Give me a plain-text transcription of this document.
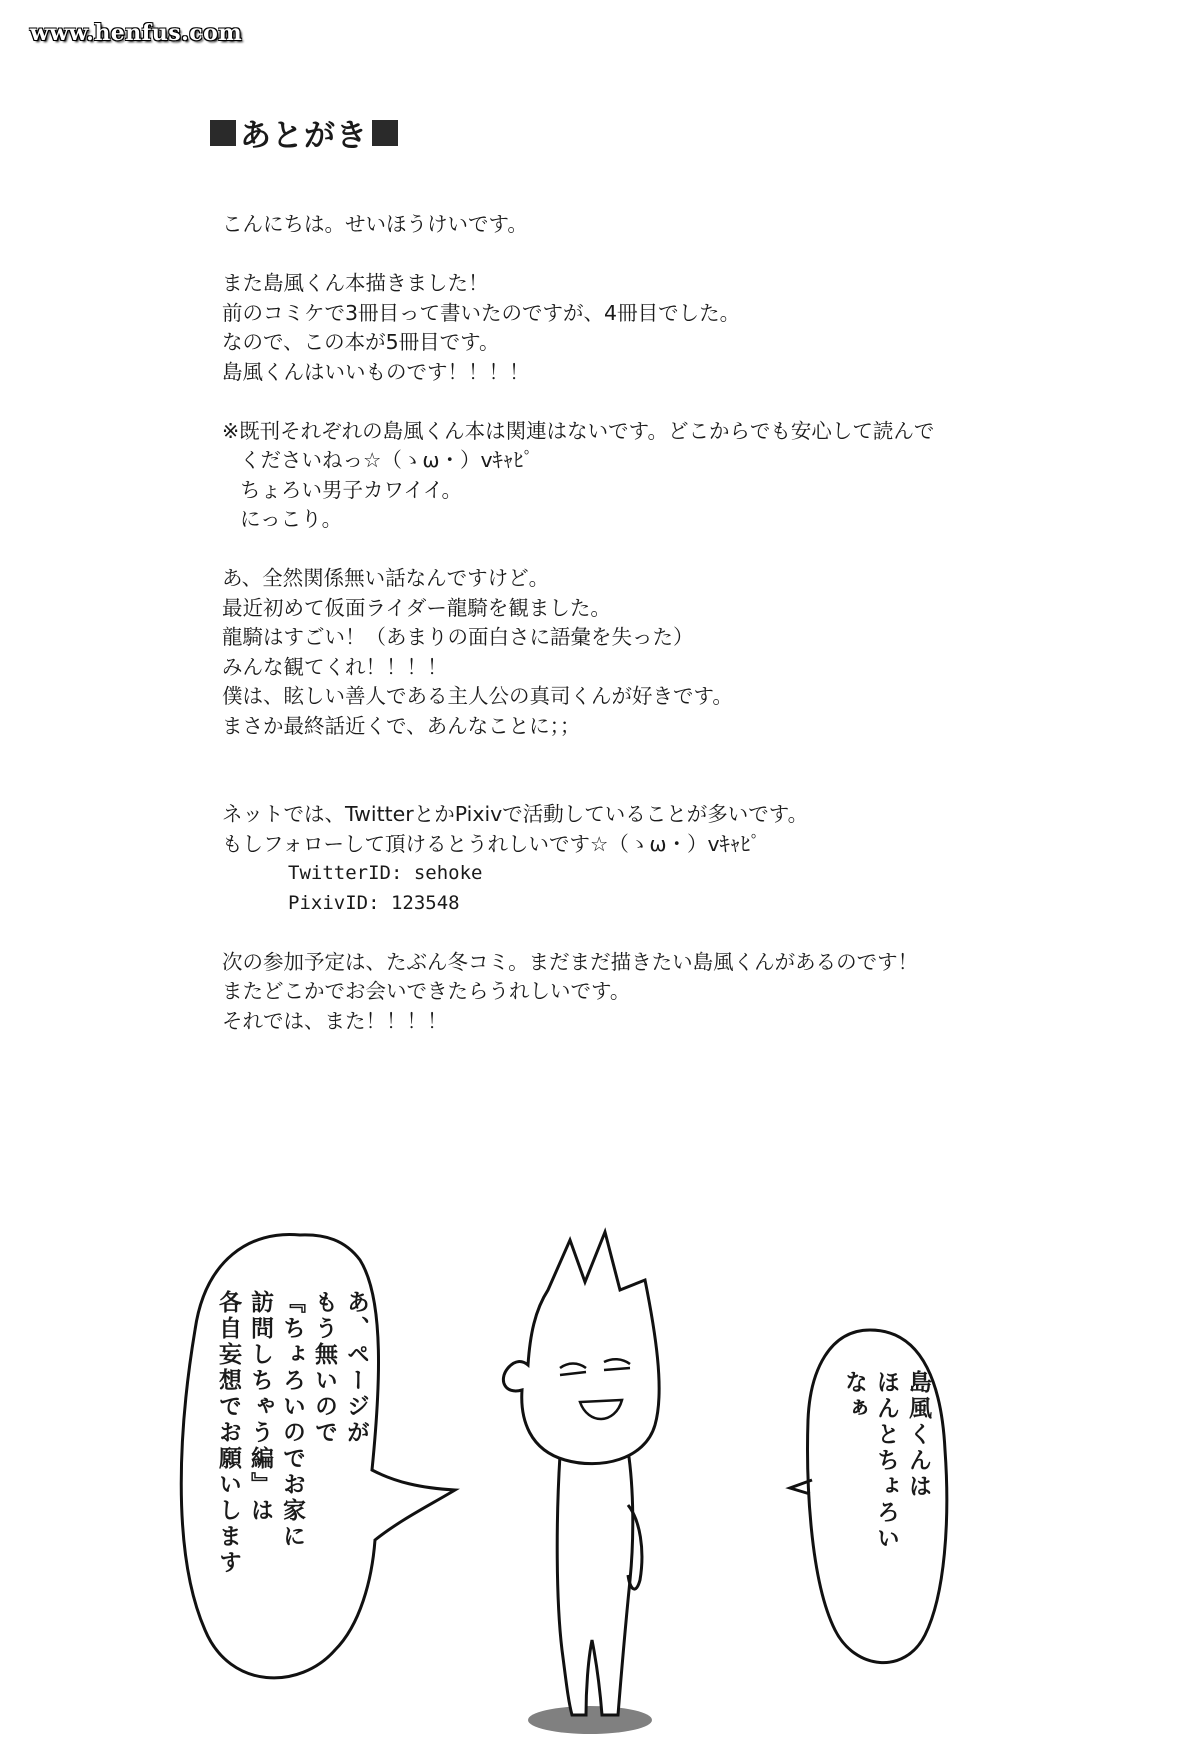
www.henfus.com
あとがき
こんにちは。せいほうけいです。
また島風くん本描きました！
前のコミケで3冊目って書いたのですが、4冊目でした。
なので、この本が5冊目です。
島風くんはいいものです！！！！
※既刊それぞれの島風くん本は関連はないです。どこからでも安心して読んで
くださいねっ☆（ゝω・）vｷｬﾋﾟ
ちょろい男子カワイイ。
にっこり。
あ、全然関係無い話なんですけど。
最近初めて仮面ライダー龍騎を観ました。
龍騎はすごい！（あまりの面白さに語彙を失った）
みんな観てくれ！！！！
僕は、眩しい善人である主人公の真司くんが好きです。
まさか最終話近くで、あんなことに；；
ネットでは、TwitterとかPixivで活動していることが多いです。
もしフォローして頂けるとうれしいです☆（ゝω・）vｷｬﾋﾟ
TwitterID: sehoke
PixivID: 123548
次の参加予定は、たぶん冬コミ。まだまだ描きたい島風くんがあるのです！
またどこかでお会いできたらうれしいです。
それでは、また！！！！
あ、ページが
もう無いので
『ちょろいのでお家に
訪問しちゃう編』は
各自妄想でお願いします	島風くんは
ほんとちょろい
なぁ
